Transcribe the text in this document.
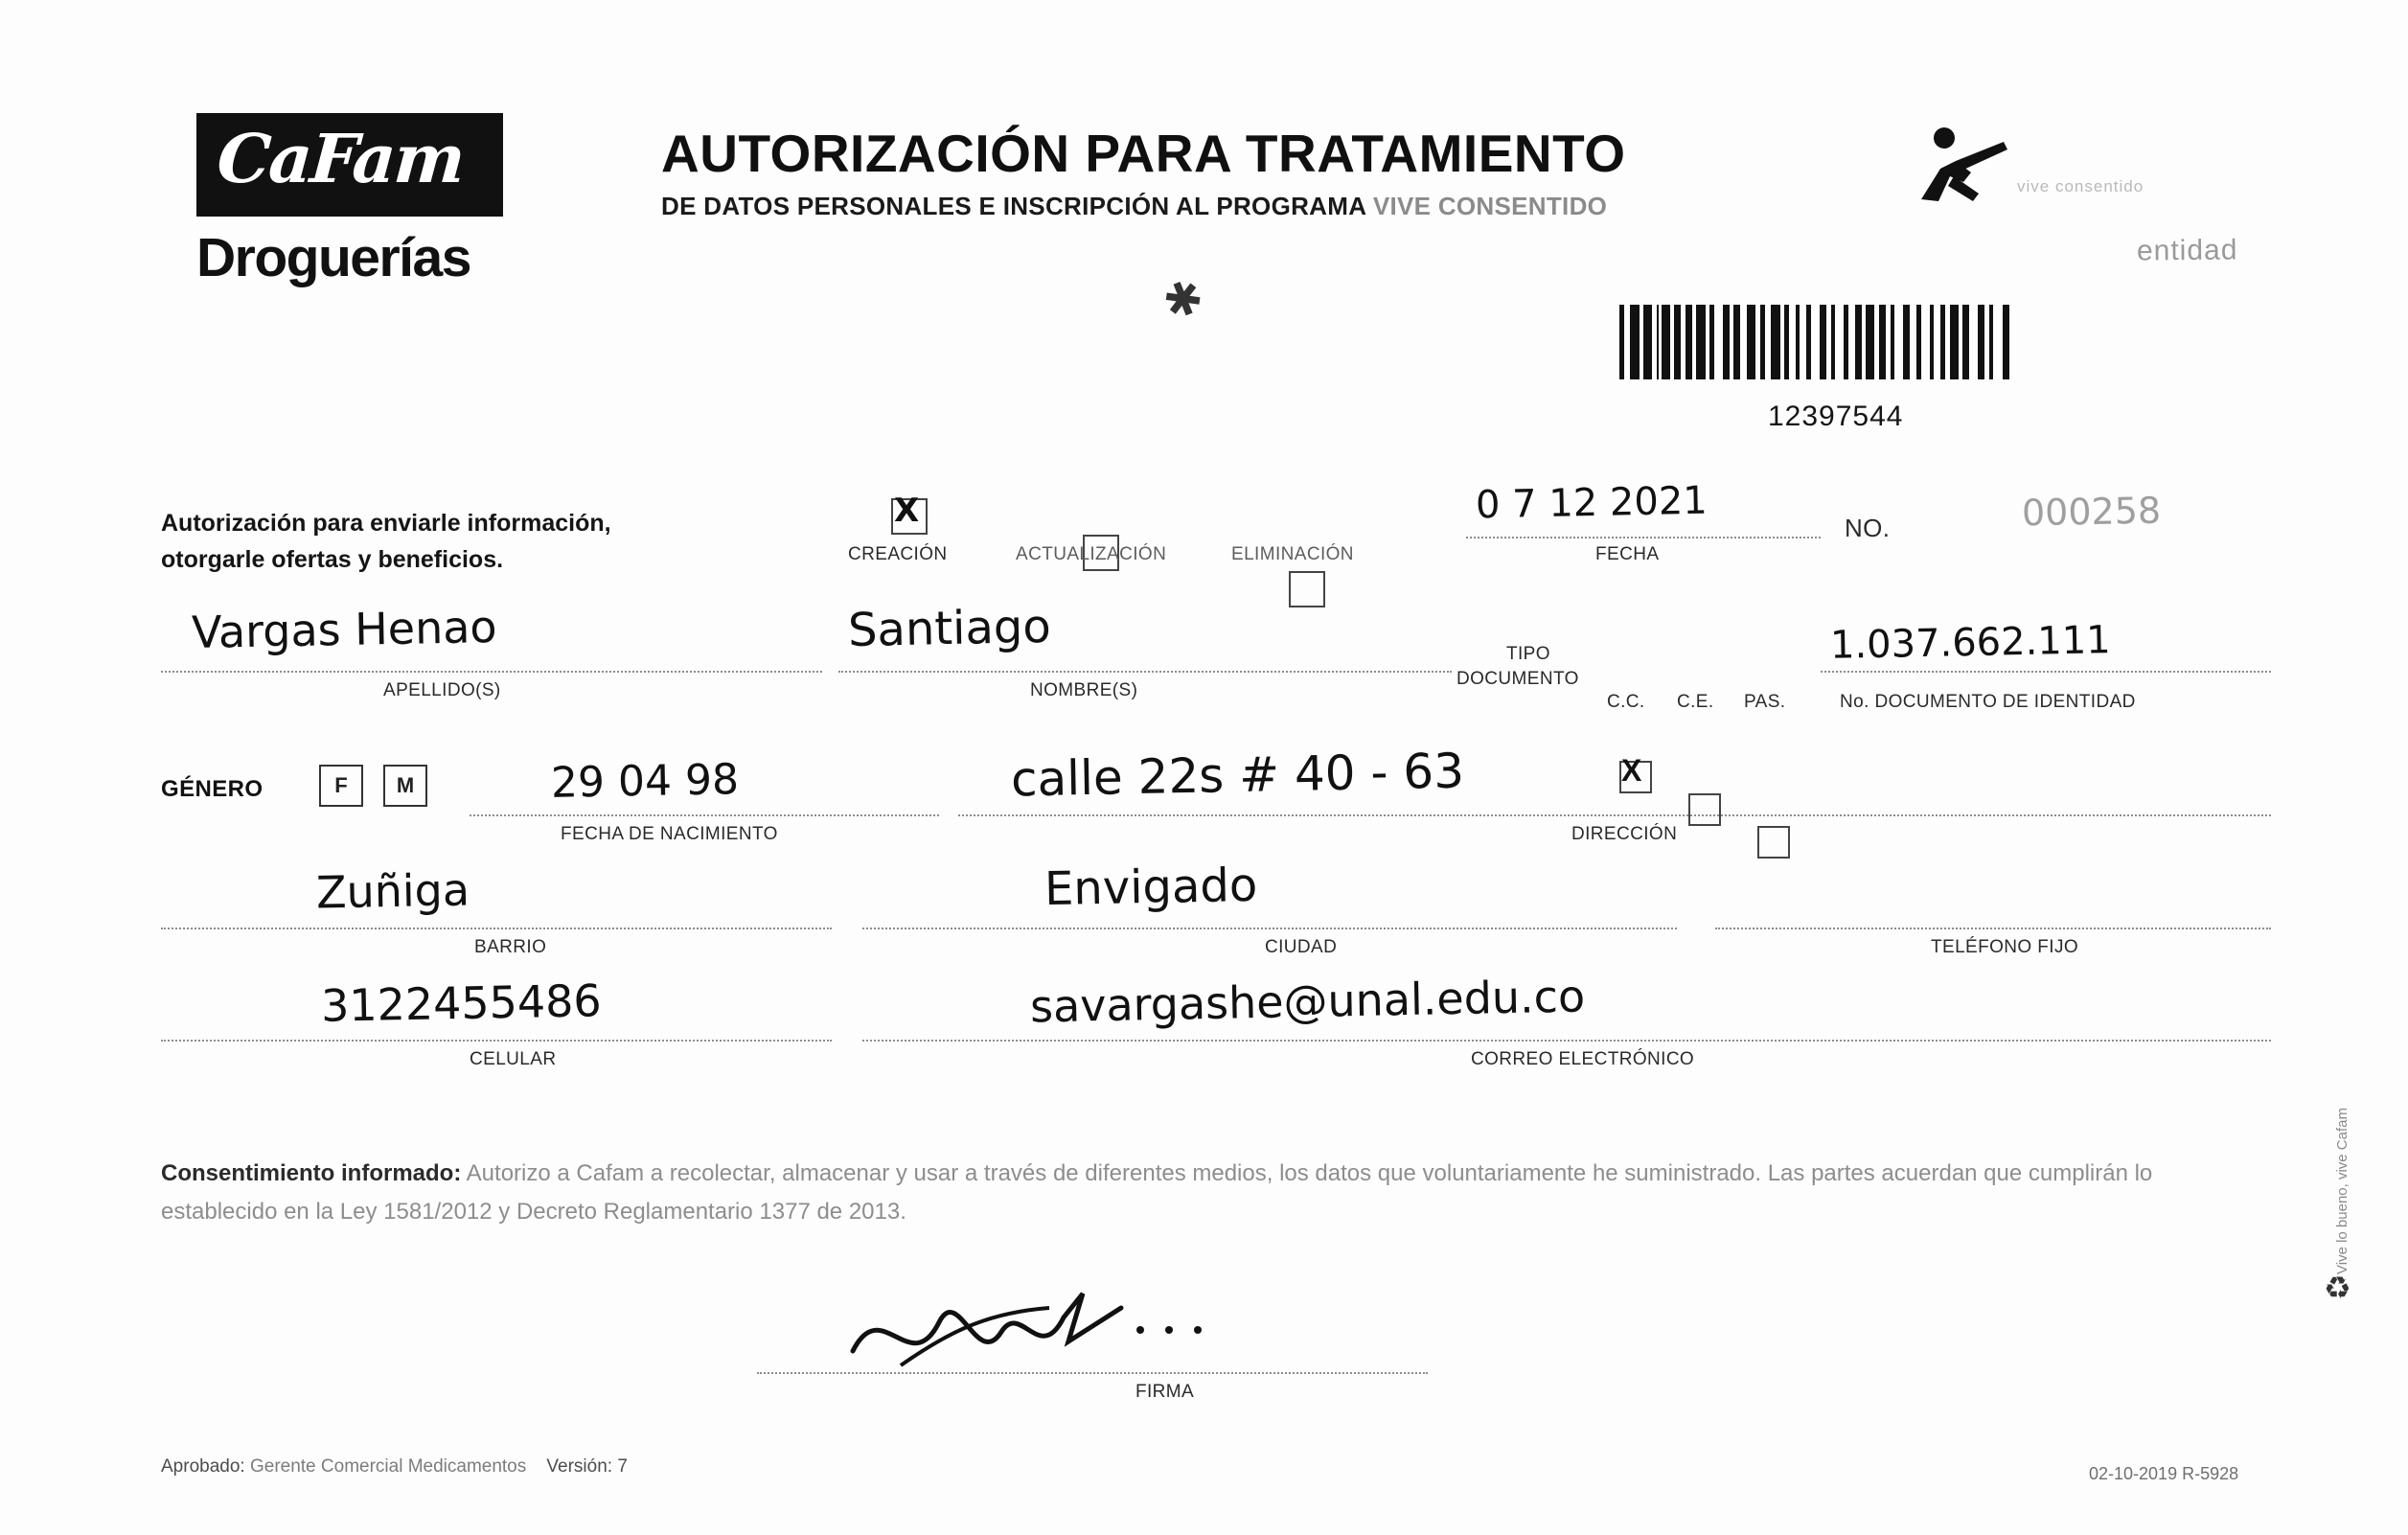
CaFam
Droguerías
AUTORIZACIÓN PARA TRATAMIENTO
DE DATOS PERSONALES E INSCRIPCIÓN AL PROGRAMA VIVE CONSENTIDO
vive consentido
entidad
✱
12397544
Autorización para enviarle información,
otorgarle ofertas y beneficios.
X	CREACIÓN	ACTUALIZACIÓN	ELIMINACIÓN
0 7 12 2021
FECHA
NO.	000258
Vargas Henao
APELLIDO(S)
Santiago
NOMBRE(S)
TIPO
DOCUMENTO
X
C.C. C.E. PAS.
1.037.662.111
No. DOCUMENTO DE IDENTIDAD
GÉNERO	F	M	29 04 98
FECHA DE NACIMIENTO
calle 22s # 40 - 63
DIRECCIÓN
Zuñiga
BARRIO
Envigado
CIUDAD	TELÉFONO FIJO
3122455486
CELULAR
savargashe@unal.edu.co
CORREO ELECTRÓNICO
Consentimiento informado: Autorizo a Cafam a recolectar, almacenar y usar a través de diferentes medios, los datos que voluntariamente he suministrado. Las partes acuerdan que cumplirán lo establecido en la Ley 1581/2012 y Decreto Reglamentario 1377 de 2013.
FIRMA
Aprobado: Gerente Comercial Medicamentos Versión: 7	02-10-2019 R-5928
Vive lo bueno, vive Cafam
♻
